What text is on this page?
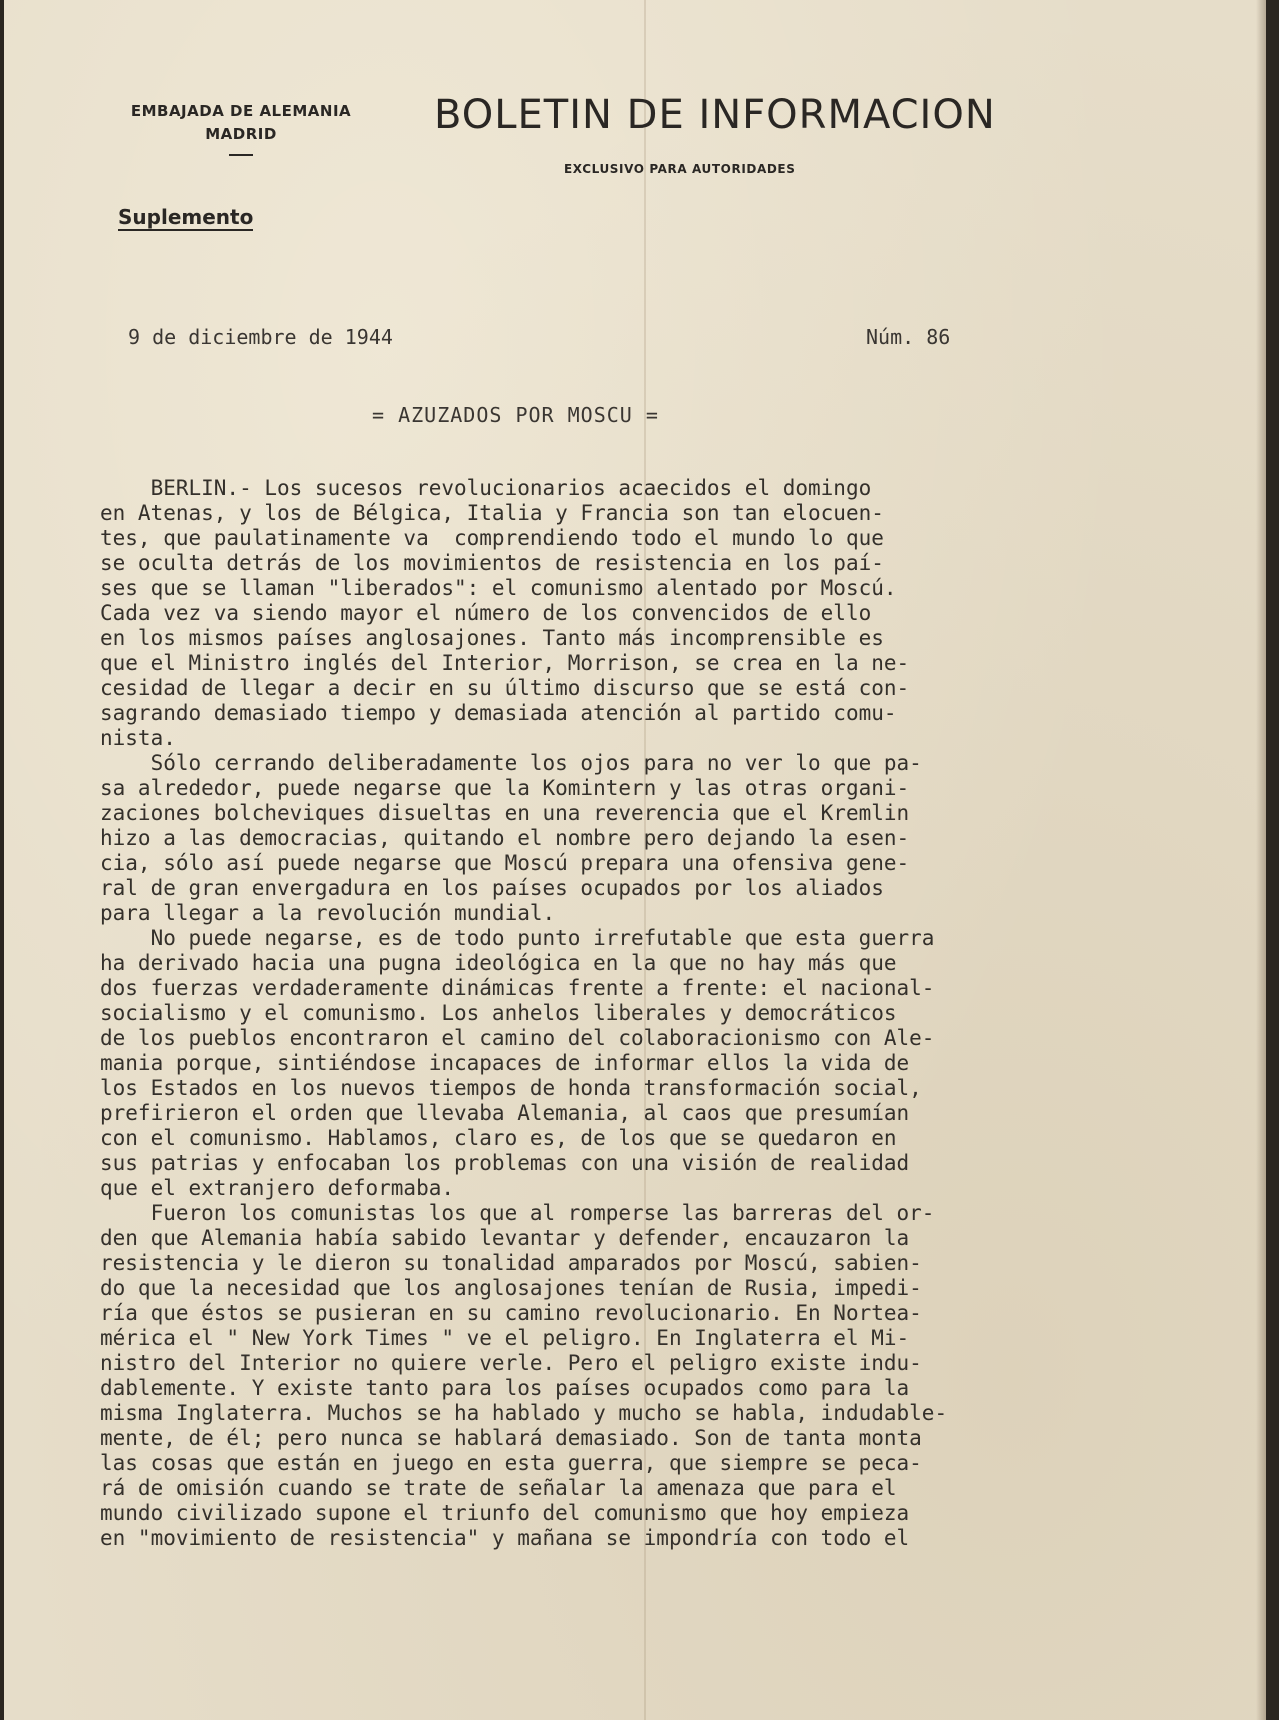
EMBAJADA DE ALEMANIA
MADRID	BOLETIN DE INFORMACION
EXCLUSIVO PARA AUTORIDADES
Suplemento
9 de diciembre de 1944	Núm. 86
= AZUZADOS POR MOSCU =
BERLIN.- Los sucesos revolucionarios acaecidos el domingo
en Atenas, y los de Bélgica, Italia y Francia son tan elocuen-
tes, que paulatinamente va  comprendiendo todo el mundo lo que
se oculta detrás de los movimientos de resistencia en los paí-
ses que se llaman "liberados": el comunismo alentado por Moscú.
Cada vez va siendo mayor el número de los convencidos de ello
en los mismos países anglosajones. Tanto más incomprensible es
que el Ministro inglés del Interior, Morrison, se crea en la ne-
cesidad de llegar a decir en su último discurso que se está con-
sagrando demasiado tiempo y demasiada atención al partido comu-
nista.
Sólo cerrando deliberadamente los ojos para no ver lo que pa-
sa alrededor, puede negarse que la Komintern y las otras organi-
zaciones bolcheviques disueltas en una reverencia que el Kremlin
hizo a las democracias, quitando el nombre pero dejando la esen-
cia, sólo así puede negarse que Moscú prepara una ofensiva gene-
ral de gran envergadura en los países ocupados por los aliados
para llegar a la revolución mundial.
No puede negarse, es de todo punto irrefutable que esta guerra
ha derivado hacia una pugna ideológica en la que no hay más que
dos fuerzas verdaderamente dinámicas frente a frente: el nacional-
socialismo y el comunismo. Los anhelos liberales y democráticos
de los pueblos encontraron el camino del colaboracionismo con Ale-
mania porque, sintiéndose incapaces de informar ellos la vida de
los Estados en los nuevos tiempos de honda transformación social,
prefirieron el orden que llevaba Alemania, al caos que presumían
con el comunismo. Hablamos, claro es, de los que se quedaron en
sus patrias y enfocaban los problemas con una visión de realidad
que el extranjero deformaba.
Fueron los comunistas los que al romperse las barreras del or-
den que Alemania había sabido levantar y defender, encauzaron la
resistencia y le dieron su tonalidad amparados por Moscú, sabien-
do que la necesidad que los anglosajones tenían de Rusia, impedi-
ría que éstos se pusieran en su camino revolucionario. En Nortea-
mérica el " New York Times " ve el peligro. En Inglaterra el Mi-
nistro del Interior no quiere verle. Pero el peligro existe indu-
dablemente. Y existe tanto para los países ocupados como para la
misma Inglaterra. Muchos se ha hablado y mucho se habla, indudable-
mente, de él; pero nunca se hablará demasiado. Son de tanta monta
las cosas que están en juego en esta guerra, que siempre se peca-
rá de omisión cuando se trate de señalar la amenaza que para el
mundo civilizado supone el triunfo del comunismo que hoy empieza
en "movimiento de resistencia" y mañana se impondría con todo el
